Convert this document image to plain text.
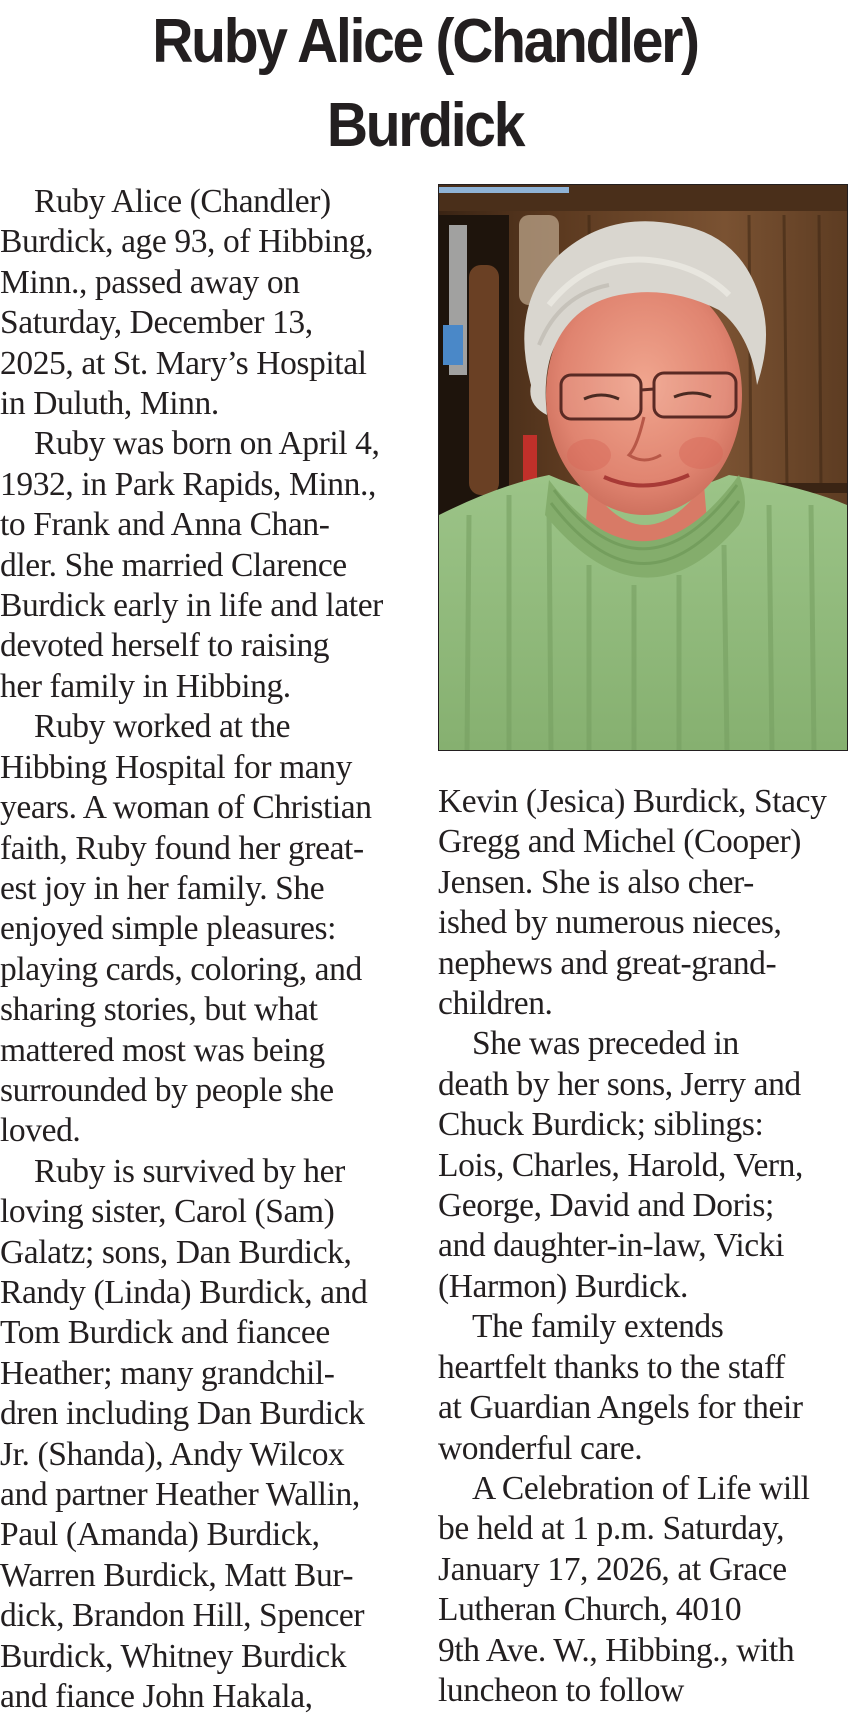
Ruby Alice (Chandler)
Burdick
Ruby Alice (Chandler)
Burdick, age 93, of Hibbing,
Minn., passed away on
Saturday, December 13,
2025, at St. Mary’s Hospital
in Duluth, Minn.
Ruby was born on April 4,
1932, in Park Rapids, Minn.,
to Frank and Anna Chan-
dler. She married Clarence
Burdick early in life and later
devoted herself to raising
her family in Hibbing.
Ruby worked at the
Hibbing Hospital for many
years. A woman of Christian
faith, Ruby found her great-
est joy in her family. She
enjoyed simple pleasures:
playing cards, coloring, and
sharing stories, but what
mattered most was being
surrounded by people she
loved.
Ruby is survived by her
loving sister, Carol (Sam)
Galatz; sons, Dan Burdick,
Randy (Linda) Burdick, and
Tom Burdick and fiancee
Heather; many grandchil-
dren including Dan Burdick
Jr. (Shanda), Andy Wilcox
and partner Heather Wallin,
Paul (Amanda) Burdick,
Warren Burdick, Matt Bur-
dick, Brandon Hill, Spencer
Burdick, Whitney Burdick
and fiance John Hakala,
Kevin (Jesica) Burdick, Stacy
Gregg and Michel (Cooper)
Jensen. She is also cher-
ished by numerous nieces,
nephews and great-grand-
children.
She was preceded in
death by her sons, Jerry and
Chuck Burdick; siblings:
Lois, Charles, Harold, Vern,
George, David and Doris;
and daughter-in-law, Vicki
(Harmon) Burdick.
The family extends
heartfelt thanks to the staff
at Guardian Angels for their
wonderful care.
A Celebration of Life will
be held at 1 p.m. Saturday,
January 17, 2026, at Grace
Lutheran Church, 4010
9th Ave. W., Hibbing., with
luncheon to follow
